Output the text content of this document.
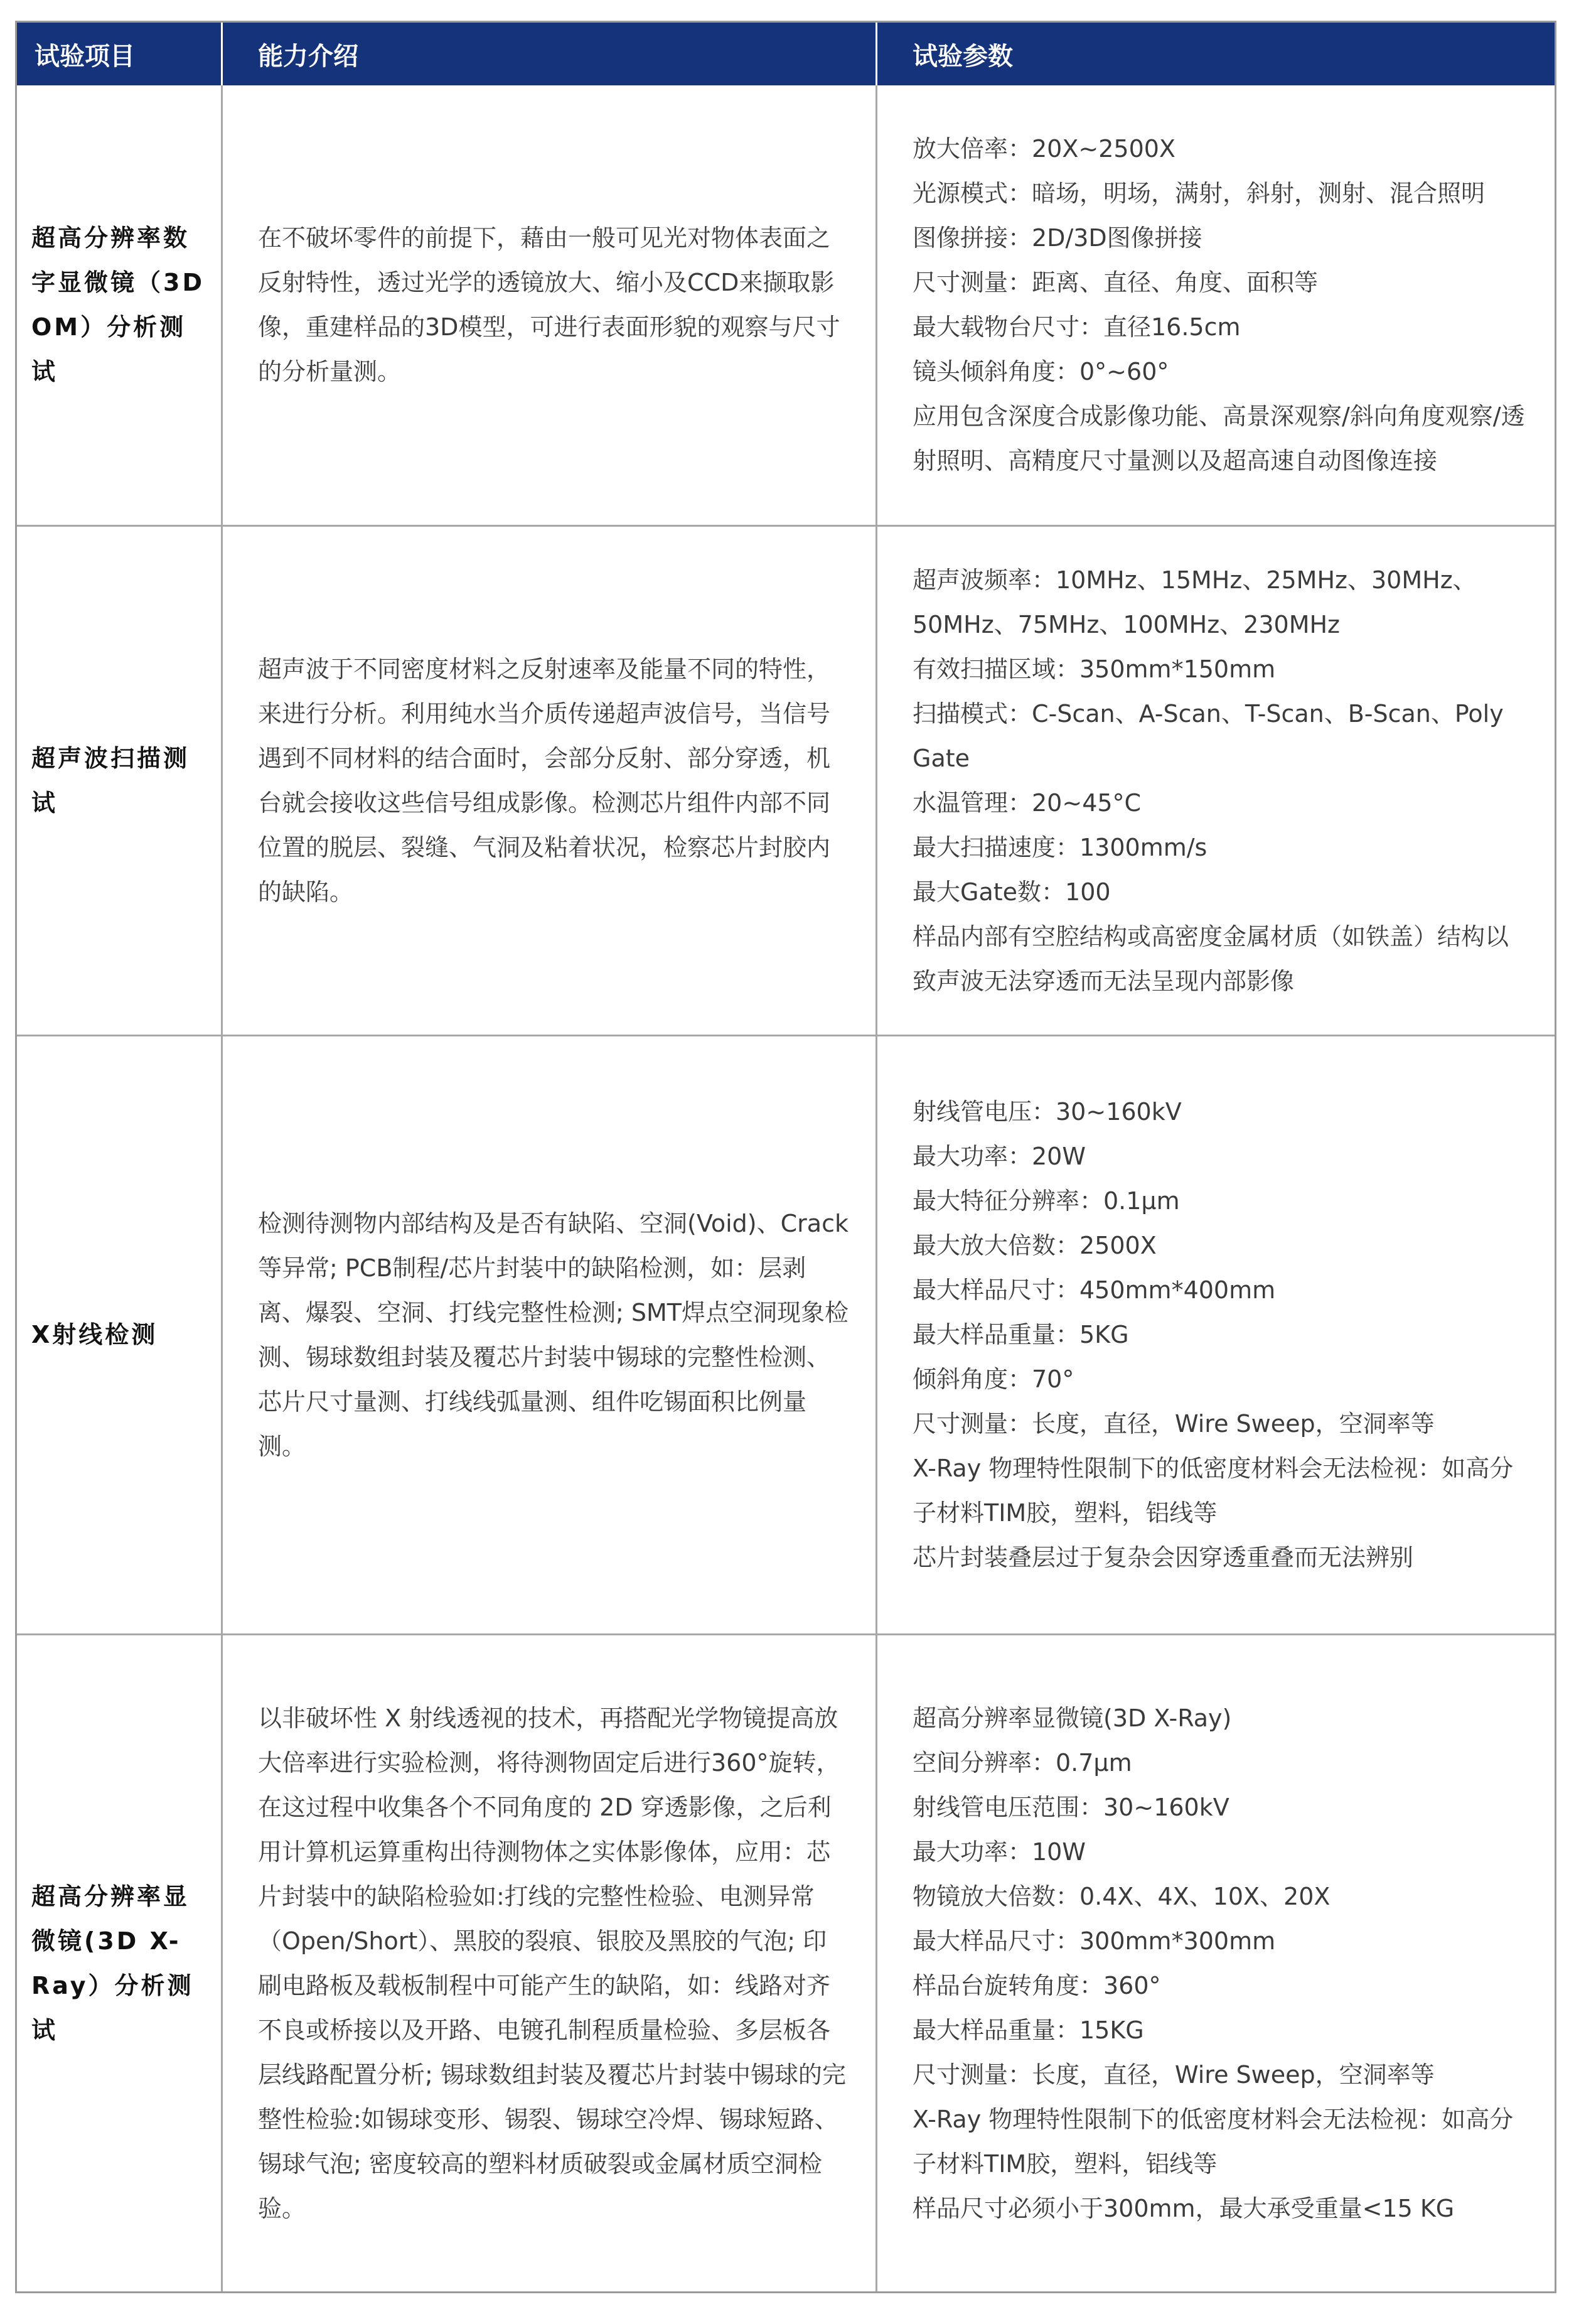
试验项目	能力介绍	试验参数
超高分辨率数字显微镜（3D OM）分析测试
在不破坏零件的前提下，藉由一般可见光对物体表面之反射特性，透过光学的透镜放大、缩小及CCD来撷取影像，重建样品的3D模型，可进行表面形貌的观察与尺寸的分析量测。
放大倍率：20X~2500X
光源模式：暗场，明场，满射，斜射，测射、混合照明
图像拼接：2D/3D图像拼接
尺寸测量：距离、直径、角度、面积等
最大载物台尺寸：直径16.5cm
镜头倾斜角度：0°~60°
应用包含深度合成影像功能、高景深观察/斜向角度观察/透射照明、高精度尺寸量测以及超高速自动图像连接
超声波扫描测试
超声波于不同密度材料之反射速率及能量不同的特性，来进行分析。利用纯水当介质传递超声波信号，当信号遇到不同材料的结合面时，会部分反射、部分穿透，机台就会接收这些信号组成影像。检测芯片组件内部不同位置的脱层、裂缝、气洞及粘着状况，检察芯片封胶内的缺陷。
超声波频率：10MHz、15MHz、25MHz、30MHz、50MHz、75MHz、100MHz、230MHz
有效扫描区域：350mm*150mm
扫描模式：C-Scan、A-Scan、T-Scan、B-Scan、Poly Gate
水温管理：20~45°C
最大扫描速度：1300mm/s
最大Gate数：100
样品内部有空腔结构或高密度金属材质（如铁盖）结构以致声波无法穿透而无法呈现内部影像
X射线检测
检测待测物内部结构及是否有缺陷、空洞(Void)、Crack等异常; PCB制程/芯片封装中的缺陷检测，如：层剥离、爆裂、空洞、打线完整性检测; SMT焊点空洞现象检测、锡球数组封装及覆芯片封装中锡球的完整性检测、芯片尺寸量测、打线线弧量测、组件吃锡面积比例量测。
射线管电压：30~160kV
最大功率：20W
最大特征分辨率：0.1μm
最大放大倍数：2500X
最大样品尺寸：450mm*400mm
最大样品重量：5KG
倾斜角度：70°
尺寸测量：长度，直径，Wire Sweep，空洞率等
X-Ray 物理特性限制下的低密度材料会无法检视：如高分子材料TIM胶，塑料，铝线等
芯片封装叠层过于复杂会因穿透重叠而无法辨别
超高分辨率显微镜(3D X-Ray）分析测试
以非破坏性 X 射线透视的技术，再搭配光学物镜提高放大倍率进行实验检测，将待测物固定后进行360°旋转，在这过程中收集各个不同角度的 2D 穿透影像，之后利用计算机运算重构出待测物体之实体影像体，应用：芯片封装中的缺陷检验如:打线的完整性检验、电测异常（Open/Short）、黑胶的裂痕、银胶及黑胶的气泡; 印刷电路板及载板制程中可能产生的缺陷，如：线路对齐不良或桥接以及开路、电镀孔制程质量检验、多层板各层线路配置分析; 锡球数组封装及覆芯片封装中锡球的完整性检验:如锡球变形、锡裂、锡球空冷焊、锡球短路、锡球气泡; 密度较高的塑料材质破裂或金属材质空洞检验。
超高分辨率显微镜(3D X-Ray)
空间分辨率：0.7μm
射线管电压范围：30~160kV
最大功率：10W
物镜放大倍数：0.4X、4X、10X、20X
最大样品尺寸：300mm*300mm
样品台旋转角度：360°
最大样品重量：15KG
尺寸测量：长度，直径，Wire Sweep，空洞率等
X-Ray 物理特性限制下的低密度材料会无法检视：如高分子材料TIM胶，塑料，铝线等
样品尺寸必须小于300mm，最大承受重量<15 KG
